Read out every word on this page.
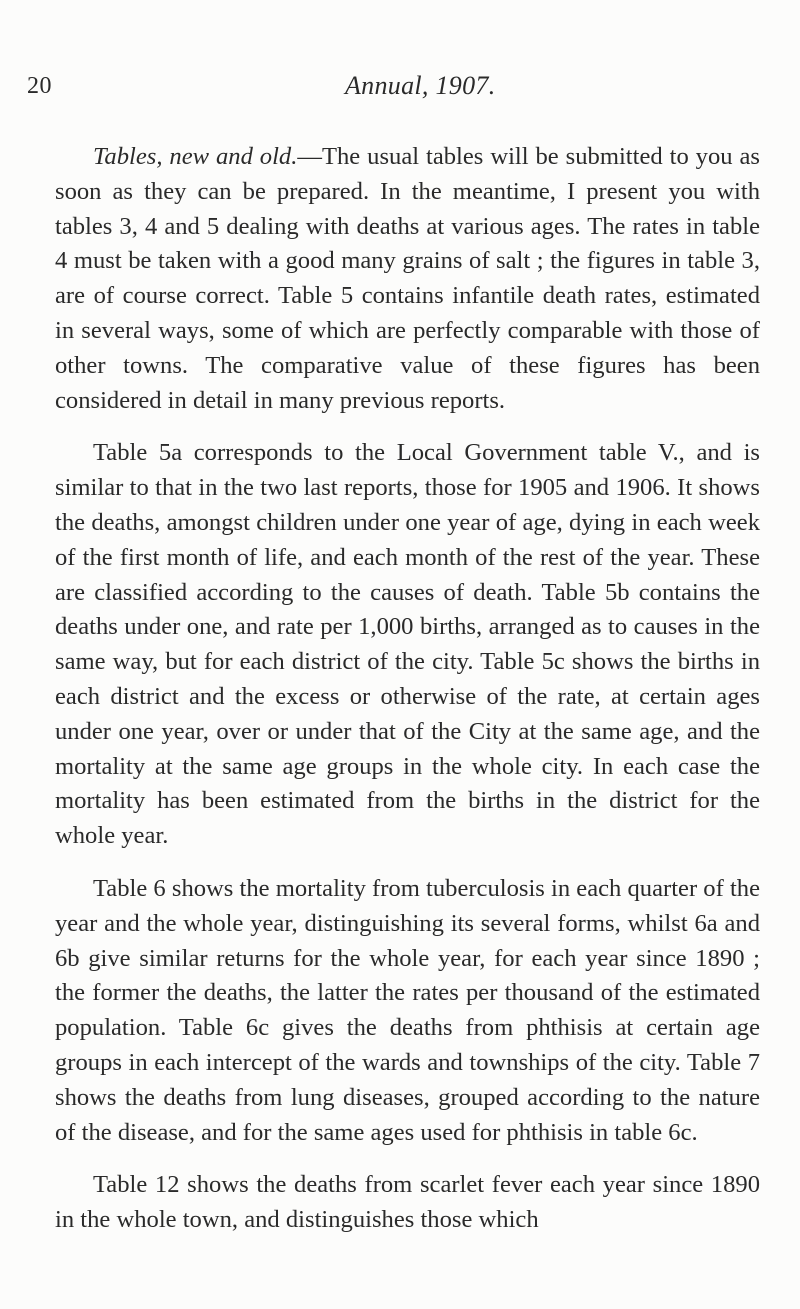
20	Annual, 1907.

Tables, new and old.—The usual tables will be submitted to you as soon as they can be prepared. In the meantime, I present you with tables 3, 4 and 5 dealing with deaths at various ages. The rates in table 4 must be taken with a good many grains of salt ; the figures in table 3, are of course correct. Table 5 contains infantile death rates, estimated in several ways, some of which are perfectly comparable with those of other towns. The comparative value of these figures has been considered in detail in many previous reports.

Table 5a corresponds to the Local Government table V., and is similar to that in the two last reports, those for 1905 and 1906. It shows the deaths, amongst children under one year of age, dying in each week of the first month of life, and each month of the rest of the year. These are classified according to the causes of death. Table 5b contains the deaths under one, and rate per 1,000 births, arranged as to causes in the same way, but for each district of the city. Table 5c shows the births in each district and the excess or otherwise of the rate, at certain ages under one year, over or under that of the City at the same age, and the mortality at the same age groups in the whole city. In each case the mortality has been estimated from the births in the district for the whole year.

Table 6 shows the mortality from tuberculosis in each quarter of the year and the whole year, distinguishing its several forms, whilst 6a and 6b give similar returns for the whole year, for each year since 1890 ; the former the deaths, the latter the rates per thousand of the estimated population. Table 6c gives the deaths from phthisis at certain age groups in each intercept of the wards and townships of the city. Table 7 shows the deaths from lung diseases, grouped according to the nature of the disease, and for the same ages used for phthisis in table 6c.

Table 12 shows the deaths from scarlet fever each year since 1890 in the whole town, and distinguishes those which
